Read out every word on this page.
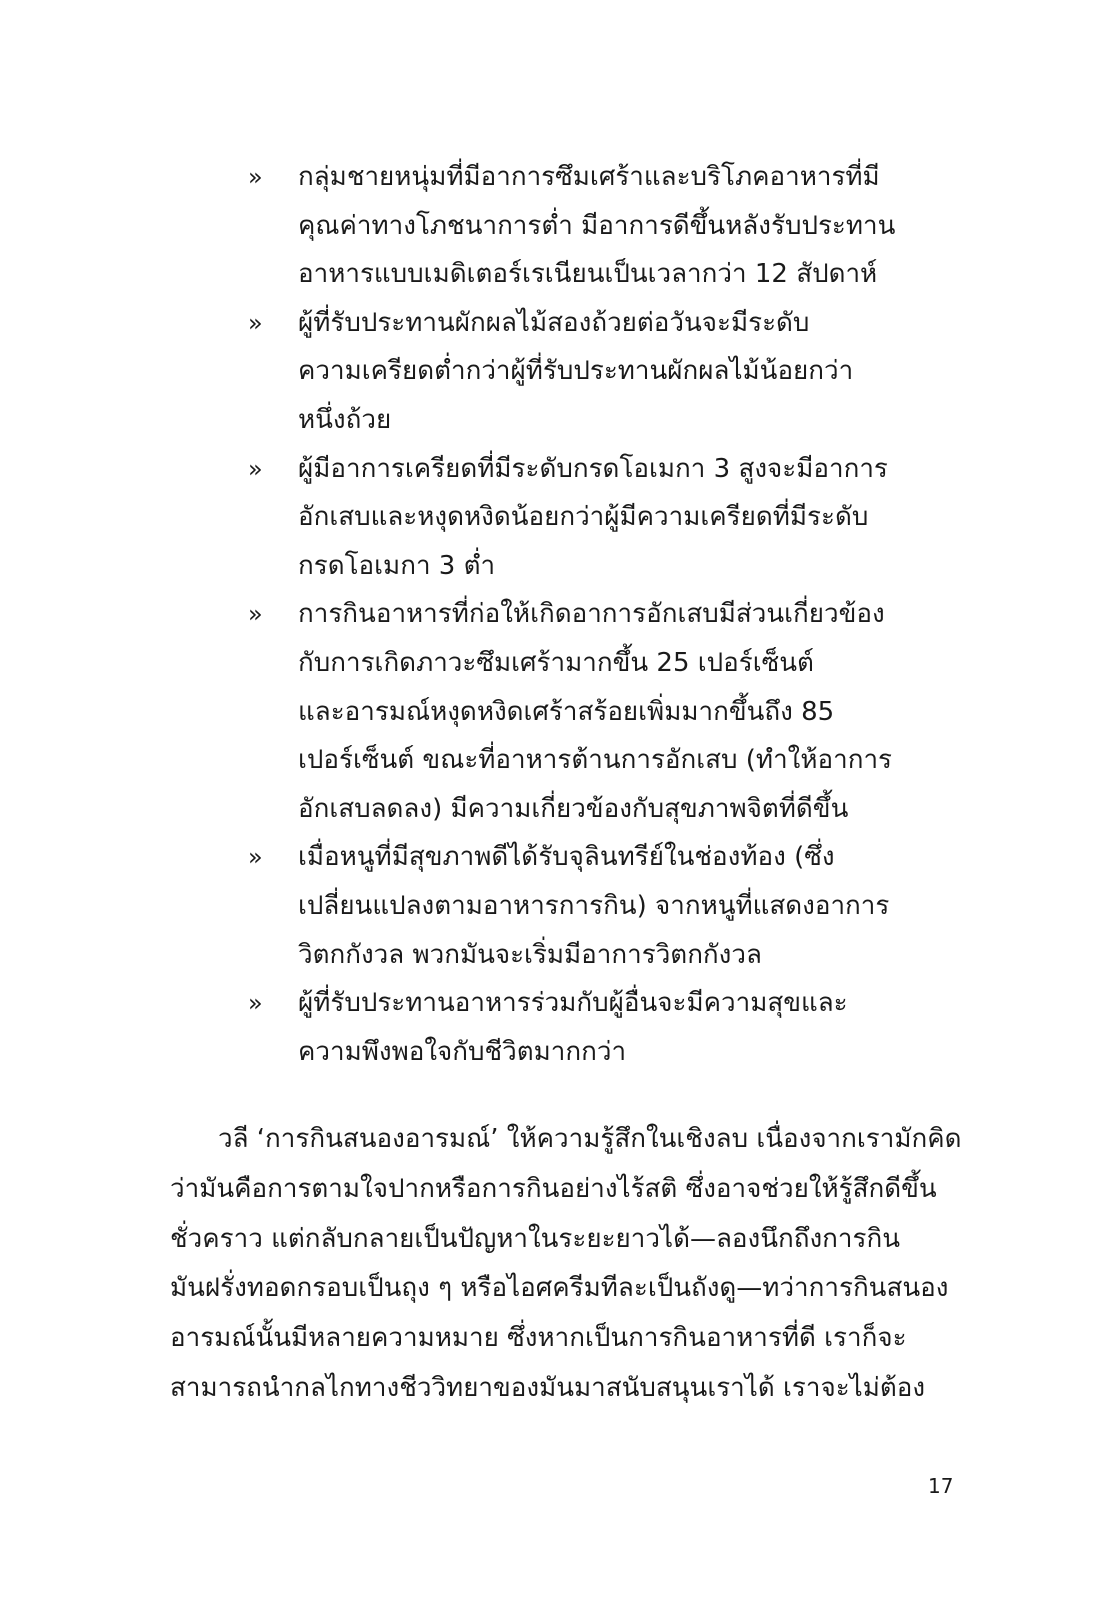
» กลุ่มชายหนุ่มที่มีอาการซึมเศร้าและบริโภคอาหารที่มี
คุณค่าทางโภชนาการต่ำ มีอาการดีขึ้นหลังรับประทาน
อาหารแบบเมดิเตอร์เรเนียนเป็นเวลากว่า 12 สัปดาห์
» ผู้ที่รับประทานผักผลไม้สองถ้วยต่อวันจะมีระดับ
ความเครียดต่ำกว่าผู้ที่รับประทานผักผลไม้น้อยกว่า
หนึ่งถ้วย
» ผู้มีอาการเครียดที่มีระดับกรดโอเมกา 3 สูงจะมีอาการ
อักเสบและหงุดหงิดน้อยกว่าผู้มีความเครียดที่มีระดับ
กรดโอเมกา 3 ต่ำ
» การกินอาหารที่ก่อให้เกิดอาการอักเสบมีส่วนเกี่ยวข้อง
กับการเกิดภาวะซึมเศร้ามากขึ้น 25 เปอร์เซ็นต์
และอารมณ์หงุดหงิดเศร้าสร้อยเพิ่มมากขึ้นถึง 85
เปอร์เซ็นต์ ขณะที่อาหารต้านการอักเสบ (ทำให้อาการ
อักเสบลดลง) มีความเกี่ยวข้องกับสุขภาพจิตที่ดีขึ้น
» เมื่อหนูที่มีสุขภาพดีได้รับจุลินทรีย์ในช่องท้อง (ซึ่ง
เปลี่ยนแปลงตามอาหารการกิน) จากหนูที่แสดงอาการ
วิตกกังวล พวกมันจะเริ่มมีอาการวิตกกังวล
» ผู้ที่รับประทานอาหารร่วมกับผู้อื่นจะมีความสุขและ
ความพึงพอใจกับชีวิตมากกว่า
วลี ‘การกินสนองอารมณ์’ ให้ความรู้สึกในเชิงลบ เนื่องจากเรามักคิด
ว่ามันคือการตามใจปากหรือการกินอย่างไร้สติ ซึ่งอาจช่วยให้รู้สึกดีขึ้น
ชั่วคราว แต่กลับกลายเป็นปัญหาในระยะยาวได้—ลองนึกถึงการกิน
มันฝรั่งทอดกรอบเป็นถุง ๆ หรือไอศครีมทีละเป็นถังดู—ทว่าการกินสนอง
อารมณ์นั้นมีหลายความหมาย ซึ่งหากเป็นการกินอาหารที่ดี เราก็จะ
สามารถนำกลไกทางชีววิทยาของมันมาสนับสนุนเราได้ เราจะไม่ต้อง
17
